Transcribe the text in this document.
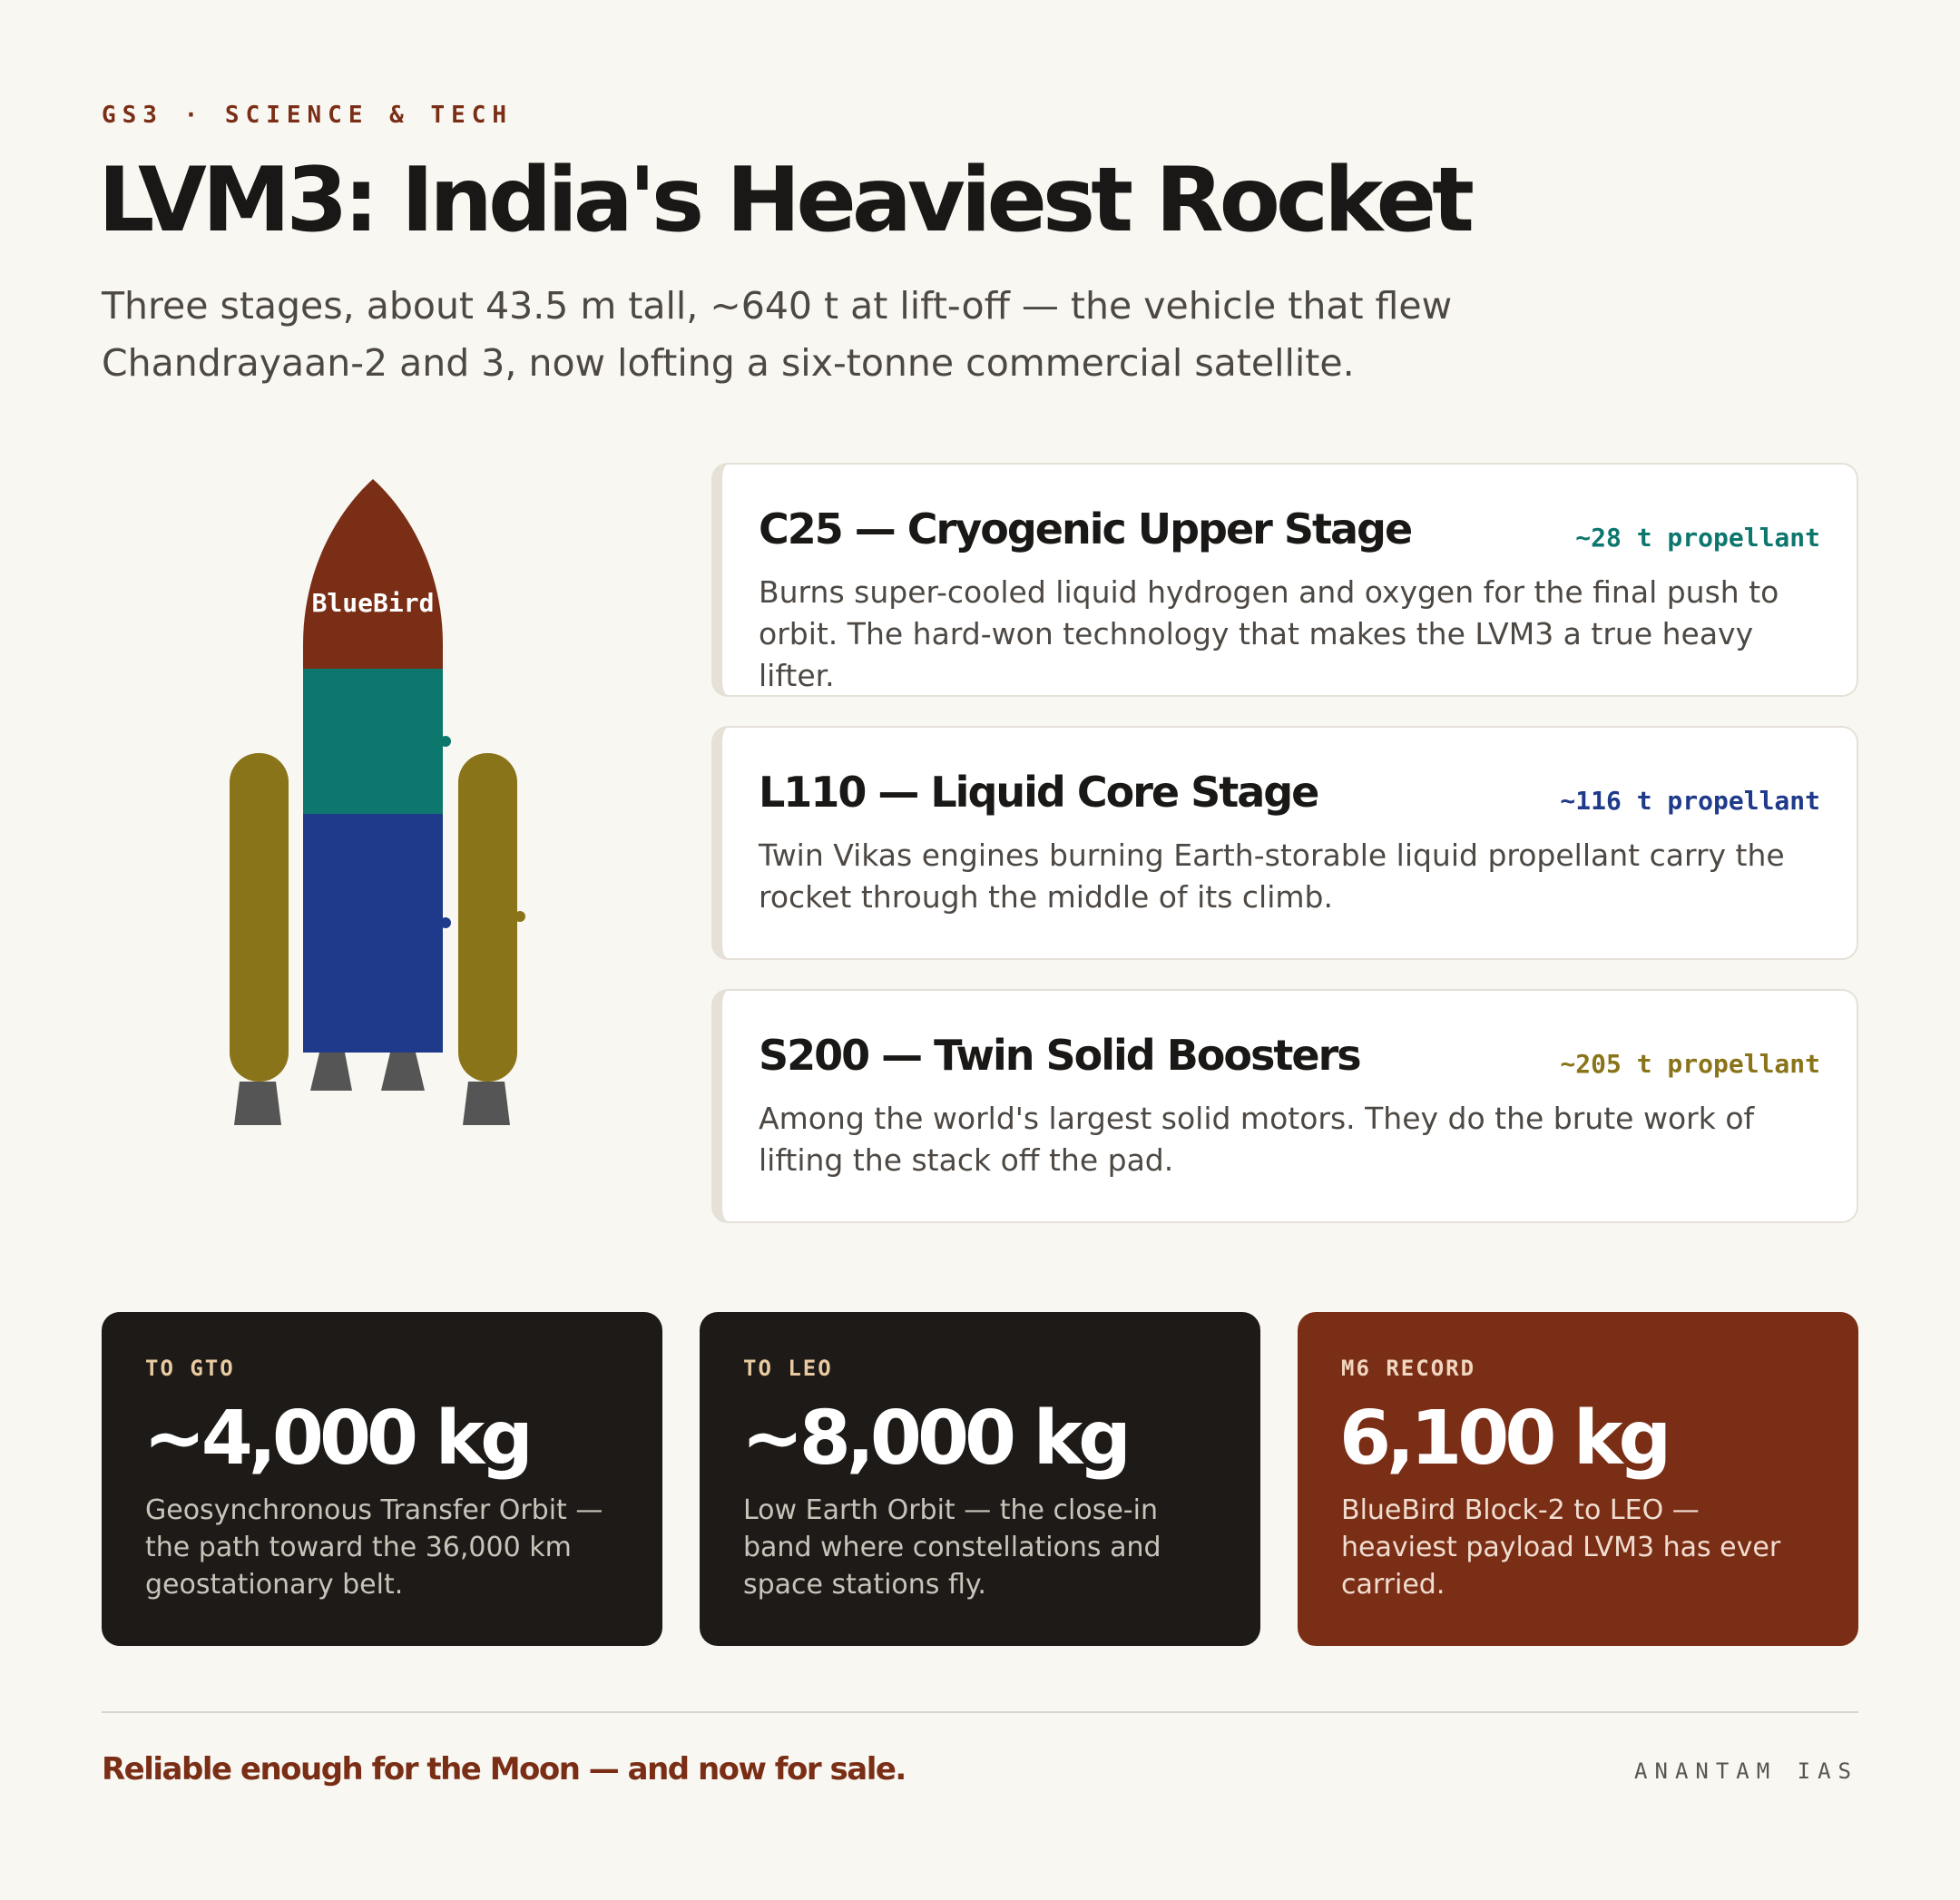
GS3 · SCIENCE & TECH
LVM3: India's Heaviest Rocket

Three stages, about 43.5 m tall, ~640 t at lift-off — the vehicle that flew Chandrayaan-2 and 3, now lofting a six-tonne commercial satellite.

BlueBird
C25 — Cryogenic Upper Stage	~28 t propellant
Burns super-cooled liquid hydrogen and oxygen for the final push to orbit. The hard-won technology that makes the LVM3 a true heavy lifter.
L110 — Liquid Core Stage	~116 t propellant
Twin Vikas engines burning Earth-storable liquid propellant carry the rocket through the middle of its climb.
S200 — Twin Solid Boosters	~205 t propellant
Among the world's largest solid motors. They do the brute work of lifting the stack off the pad.
TO GTO
~4,000 kg
Geosynchronous Transfer Orbit — the path toward the 36,000 km geostationary belt.
TO LEO
~8,000 kg
Low Earth Orbit — the close-in band where constellations and space stations fly.
M6 RECORD
6,100 kg
BlueBird Block-2 to LEO — heaviest payload LVM3 has ever carried.
Reliable enough for the Moon — and now for sale.	ANANTAM IAS
